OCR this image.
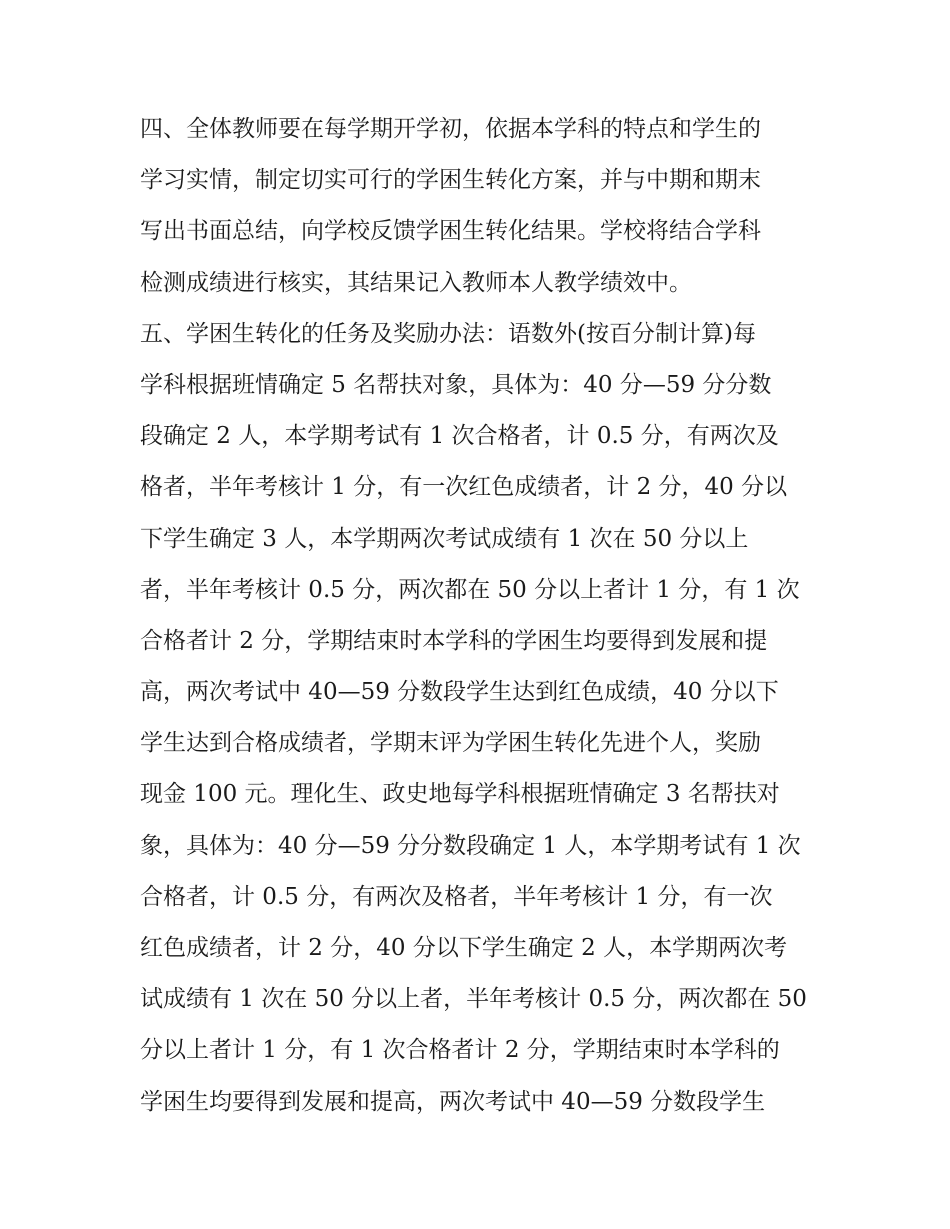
四、全体教师要在每学期开学初，依据本学科的特点和学生的
学习实情，制定切实可行的学困生转化方案，并与中期和期末
写出书面总结，向学校反馈学困生转化结果。学校将结合学科
检测成绩进行核实，其结果记入教师本人教学绩效中。
五、学困生转化的任务及奖励办法：语数外(按百分制计算)每
学科根据班情确定 5 名帮扶对象，具体为：40 分—59 分分数
段确定 2 人，本学期考试有 1 次合格者，计 0.5 分，有两次及
格者，半年考核计 1 分，有一次红色成绩者，计 2 分，40 分以
下学生确定 3 人，本学期两次考试成绩有 1 次在 50 分以上
者，半年考核计 0.5 分，两次都在 50 分以上者计 1 分，有 1 次
合格者计 2 分，学期结束时本学科的学困生均要得到发展和提
高，两次考试中 40—59 分数段学生达到红色成绩，40 分以下
学生达到合格成绩者，学期末评为学困生转化先进个人，奖励
现金 100 元。理化生、政史地每学科根据班情确定 3 名帮扶对
象，具体为：40 分—59 分分数段确定 1 人，本学期考试有 1 次
合格者，计 0.5 分，有两次及格者，半年考核计 1 分，有一次
红色成绩者，计 2 分，40 分以下学生确定 2 人，本学期两次考
试成绩有 1 次在 50 分以上者，半年考核计 0.5 分，两次都在 50
分以上者计 1 分，有 1 次合格者计 2 分，学期结束时本学科的
学困生均要得到发展和提高，两次考试中 40—59 分数段学生
